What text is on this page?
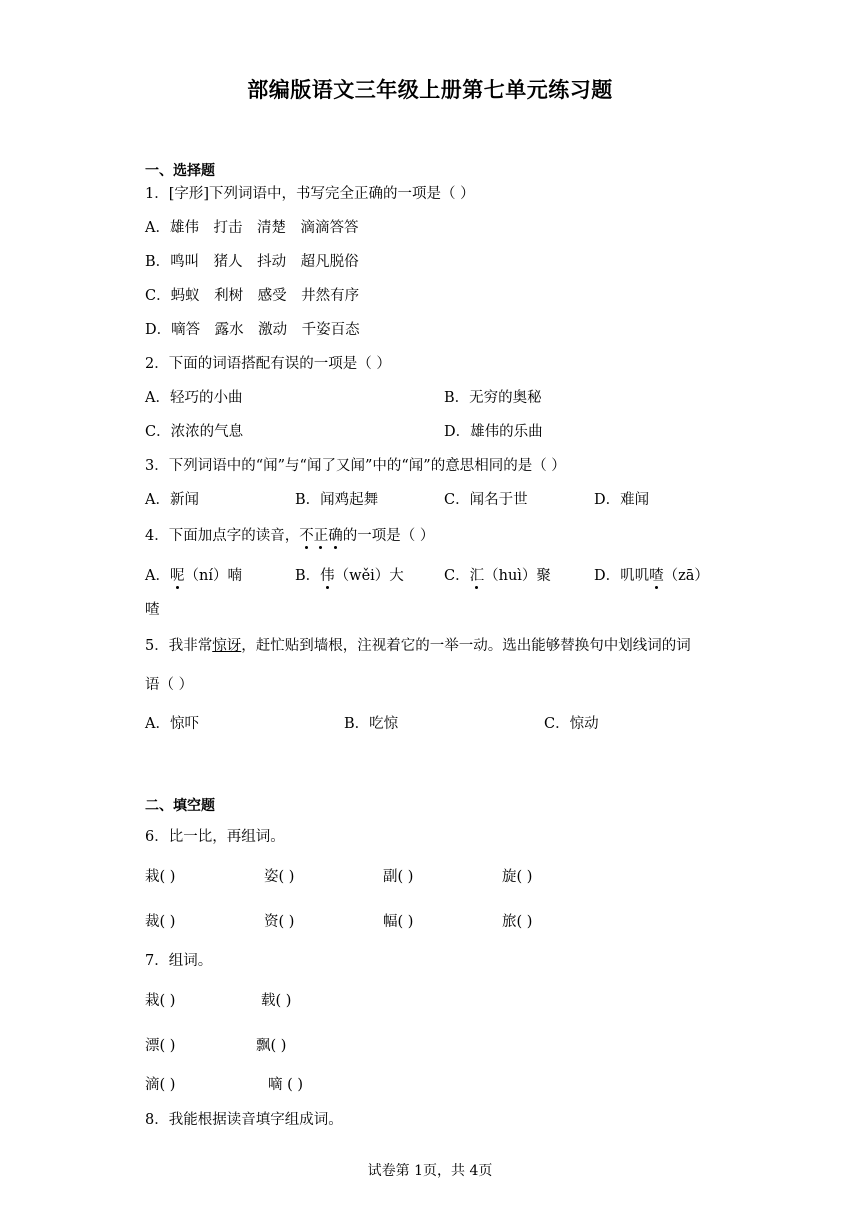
部编版语文三年级上册第七单元练习题
一、选择题
1．[字形]下列词语中，书写完全正确的一项是（ ）
A．雄伟　打击　清楚　滴滴答答
B．鸣叫　猪人　抖动　超凡脱俗
C．蚂蚁　利树　感受　井然有序
D．嘀答　露水　激动　千姿百态
2．下面的词语搭配有误的一项是（ ）
A．轻巧的小曲	B．无穷的奥秘
C．浓浓的气息	D．雄伟的乐曲
3．下列词语中的“闻”与“闻了又闻”中的“闻”的意思相同的是（ ）
A．新闻	B．闻鸡起舞	C．闻名于世	D．难闻
4．下面加点字的读音，不正确的一项是（ ）
A．呢（ní）喃	B．伟（wěi）大	C．汇（huì）聚	D．叽叽喳（zā）
喳
5．我非常惊讶，赶忙贴到墙根，注视着它的一举一动。选出能够替换句中划线词的词
语（ ）
A．惊吓	B．吃惊	C．惊动
二、填空题
6．比一比，再组词。
栽( )	姿( )	副( )	旋( )
裁( )	资( )	幅( )	旅( )
7．组词。
栽( )	载( )
漂( )	飘( )
滴( )	嘀 ( )
8．我能根据读音填字组成词。
试卷第 1页，共 4页
